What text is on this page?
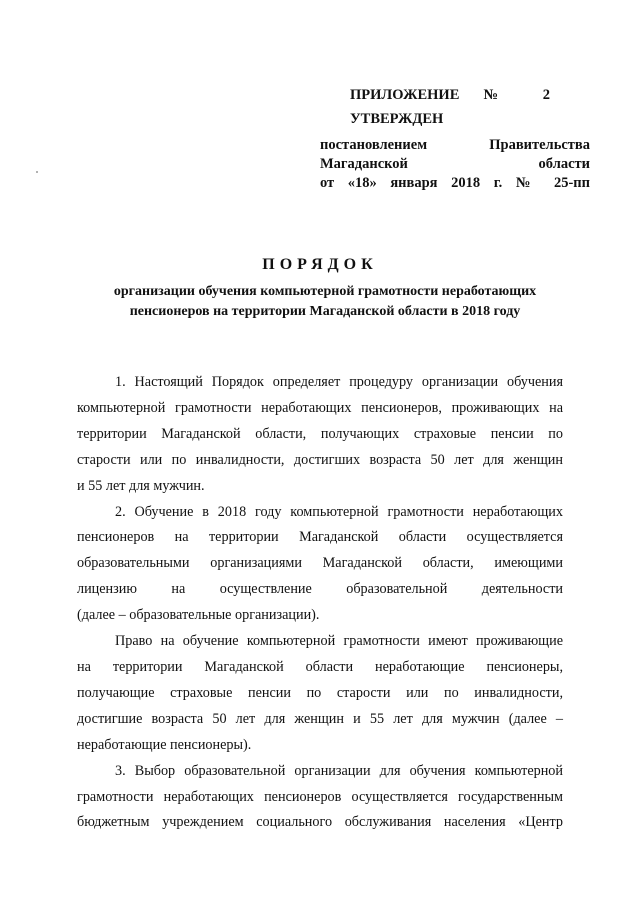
ПРИЛОЖЕНИЕ № 2
УТВЕРЖДЕН
постановлением Правительства
Магаданской области
от «18» января 2018 г. № 25-пп
ПОРЯДОК
организации обучения компьютерной грамотности неработающих
пенсионеров на территории Магаданской области в 2018 году
1. Настоящий Порядок определяет процедуру организации обучения
компьютерной грамотности неработающих пенсионеров, проживающих на
территории Магаданской области, получающих страховые пенсии по
старости или по инвалидности, достигших возраста 50 лет для женщин
и 55 лет для мужчин.
2. Обучение в 2018 году компьютерной грамотности неработающих
пенсионеров на территории Магаданской области осуществляется
образовательными организациями Магаданской области, имеющими
лицензию на осуществление образовательной деятельности
(далее – образовательные организации).
Право на обучение компьютерной грамотности имеют проживающие
на территории Магаданской области неработающие пенсионеры,
получающие страховые пенсии по старости или по инвалидности,
достигшие возраста 50 лет для женщин и 55 лет для мужчин (далее –
неработающие пенсионеры).
3. Выбор образовательной организации для обучения компьютерной
грамотности неработающих пенсионеров осуществляется государственным
бюджетным учреждением социального обслуживания населения «Центр
